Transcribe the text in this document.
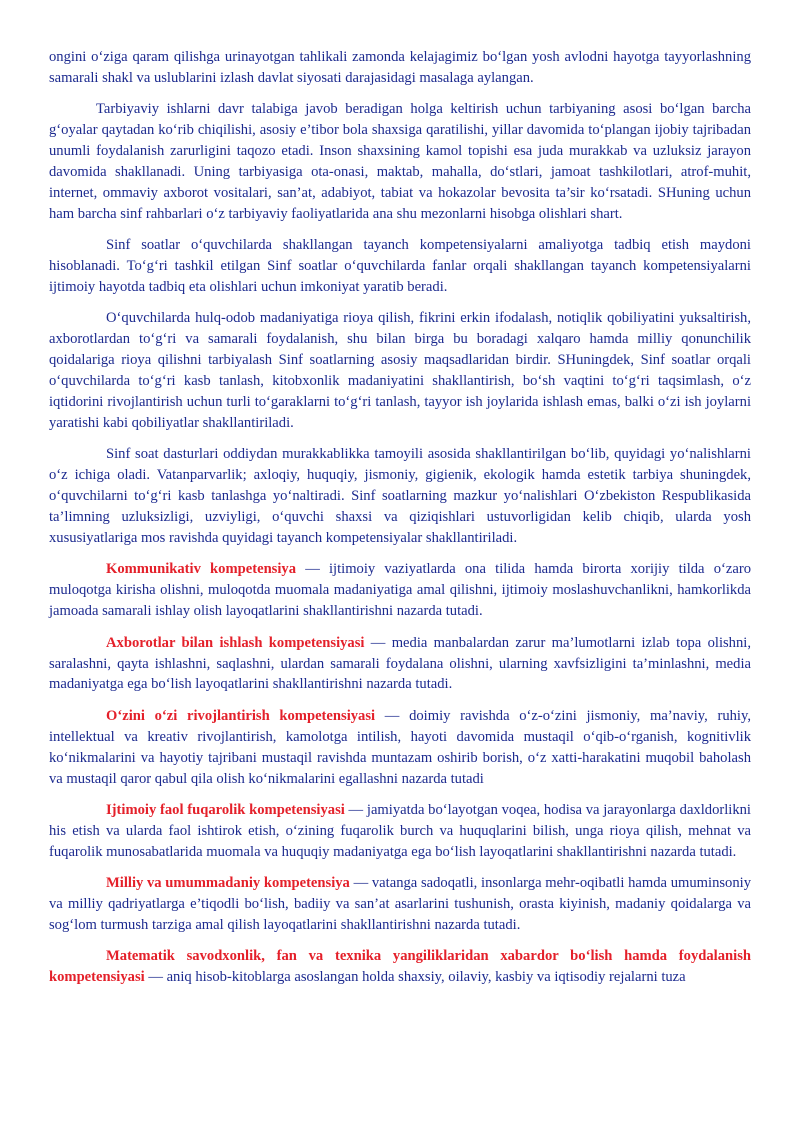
ongini o‘ziga qaram qilishga urinayotgan tahlikali zamonda kelajagimiz bo‘lgan yosh avlodni hayotga tayyorlashning samarali shakl va uslublarini izlash davlat siyosati darajasidagi masalaga aylangan.

Tarbiyaviy ishlarni davr talabiga javob beradigan holga keltirish uchun tarbiyaning asosi bo‘lgan barcha g‘oyalar qaytadan ko‘rib chiqilishi, asosiy e’tibor bola shaxsiga qaratilishi, yillar davomida to‘plangan ijobiy tajribadan unumli foydalanish zarurligini taqozo etadi. Inson shaxsining kamol topishi esa juda murakkab va uzluksiz jarayon davomida shakllanadi. Uning tarbiyasiga ota-onasi, maktab, mahalla, do‘stlari, jamoat tashkilotlari, atrof-muhit, internet, ommaviy axborot vositalari, san’at, adabiyot, tabiat va hokazolar bevosita ta’sir ko‘rsatadi. SHuning uchun ham barcha sinf rahbarlari o‘z tarbiyaviy faoliyatlarida ana shu mezonlarni hisobga olishlari shart.

Sinf soatlar o‘quvchilarda shakllangan tayanch kompetensiyalarni amaliyotga tadbiq etish maydoni hisoblanadi. To‘g‘ri tashkil etilgan Sinf soatlar o‘quvchilarda fanlar orqali shakllangan tayanch kompetensiyalarni ijtimoiy hayotda tadbiq eta olishlari uchun imkoniyat yaratib beradi.

O‘quvchilarda hulq-odob madaniyatiga rioya qilish, fikrini erkin ifodalash, notiqlik qobiliyatini yuksaltirish, axborotlardan to‘g‘ri va samarali foydalanish, shu bilan birga bu boradagi xalqaro hamda milliy qonunchilik qoidalariga rioya qilishni tarbiyalash Sinf soatlarning asosiy maqsadlaridan birdir. SHuningdek, Sinf soatlar orqali o‘quvchilarda to‘g‘ri kasb tanlash, kitobxonlik madaniyatini shakllantirish, bo‘sh vaqtini to‘g‘ri taqsimlash, o‘z iqtidorini rivojlantirish uchun turli to‘garaklarni to‘g‘ri tanlash, tayyor ish joylarida ishlash emas, balki o‘zi ish joylarni yaratishi kabi qobiliyatlar shakllantiriladi.

Sinf soat dasturlari oddiydan murakkablikka tamoyili asosida shakllantirilgan bo‘lib, quyidagi yo‘nalishlarni o‘z ichiga oladi. Vatanparvarlik; axloqiy, huquqiy, jismoniy, gigienik, ekologik hamda estetik tarbiya shuningdek, o‘quvchilarni to‘g‘ri kasb tanlashga yo‘naltiradi. Sinf soatlarning mazkur yo‘nalishlari O‘zbekiston Respublikasida ta’limning uzluksizligi, uzviyligi, o‘quvchi shaxsi va qiziqishlari ustuvorligidan kelib chiqib, ularda yosh xususiyatlariga mos ravishda quyidagi tayanch kompetensiyalar shakllantiriladi.

Kommunikativ kompetensiya — ijtimoiy vaziyatlarda ona tilida hamda birorta xorijiy tilda o‘zaro muloqotga kirisha olishni, muloqotda muomala madaniyatiga amal qilishni, ijtimoiy moslashuvchanlikni, hamkorlikda jamoada samarali ishlay olish layoqatlarini shakllantirishni nazarda tutadi.

Axborotlar bilan ishlash kompetensiyasi — media manbalardan zarur ma’lumotlarni izlab topa olishni, saralashni, qayta ishlashni, saqlashni, ulardan samarali foydalana olishni, ularning xavfsizligini ta’minlashni, media madaniyatga ega bo‘lish layoqatlarini shakllantirishni nazarda tutadi.

O‘zini o‘zi rivojlantirish kompetensiyasi — doimiy ravishda o‘z-o‘zini jismoniy, ma’naviy, ruhiy, intellektual va kreativ rivojlantirish, kamolotga intilish, hayoti davomida mustaqil o‘qib-o‘rganish, kognitivlik ko‘nikmalarini va hayotiy tajribani mustaqil ravishda muntazam oshirib borish, o‘z xatti-harakatini muqobil baholash va mustaqil qaror qabul qila olish ko‘nikmalarini egallashni nazarda tutadi

Ijtimoiy faol fuqarolik kompetensiyasi — jamiyatda bo‘layotgan voqea, hodisa va jarayonlarga daxldorlikni his etish va ularda faol ishtirok etish, o‘zining fuqarolik burch va huquqlarini bilish, unga rioya qilish, mehnat va fuqarolik munosabatlarida muomala va huquqiy madaniyatga ega bo‘lish layoqatlarini shakllantirishni nazarda tutadi.

Milliy va umummadaniy kompetensiya — vatanga sadoqatli, insonlarga mehr-oqibatli hamda umuminsoniy va milliy qadriyatlarga e’tiqodli bo‘lish, badiiy va san’at asarlarini tushunish, orasta kiyinish, madaniy qoidalarga va sog‘lom turmush tarziga amal qilish layoqatlarini shakllantirishni nazarda tutadi.

Matematik savodxonlik, fan va texnika yangiliklaridan xabardor bo‘lish hamda foydalanish kompetensiyasi — aniq hisob-kitoblarga asoslangan holda shaxsiy, oilaviy, kasbiy va iqtisodiy rejalarni tuza
